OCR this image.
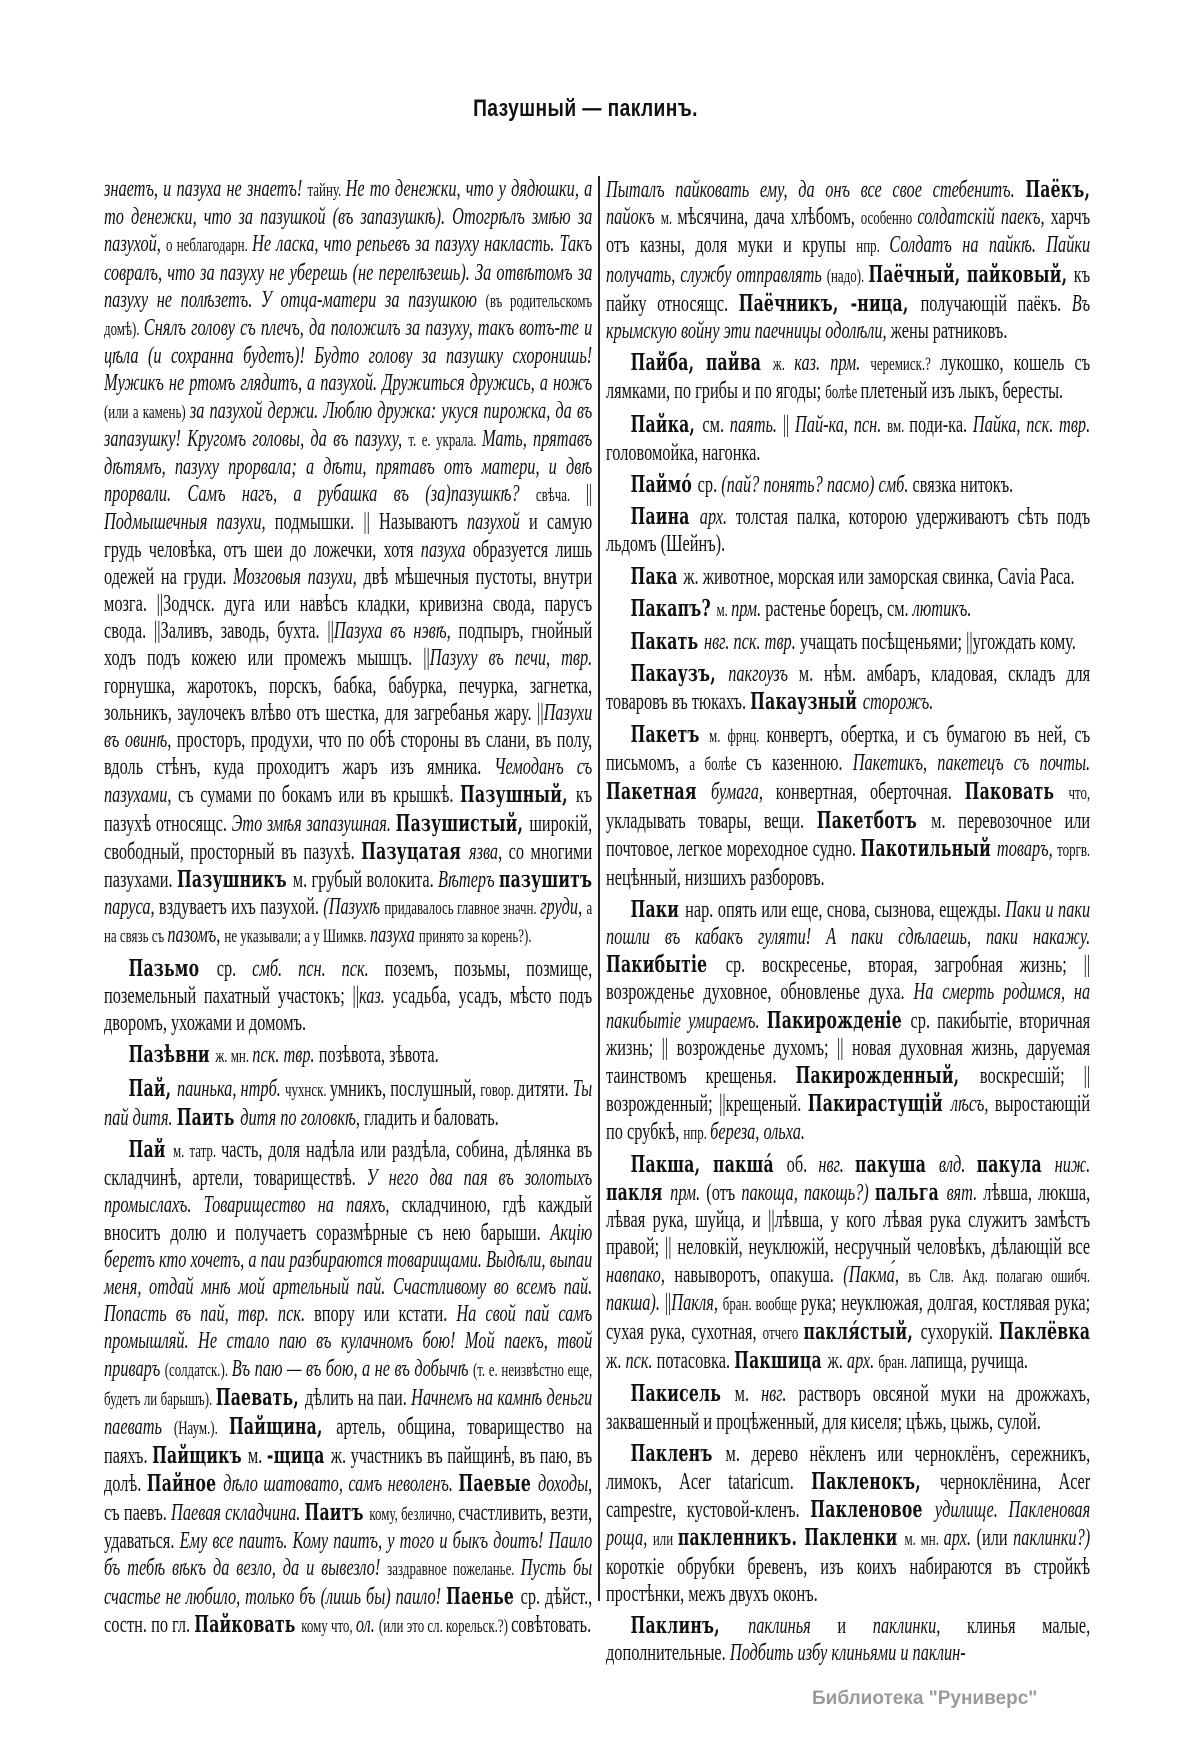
Пазушный — паклинъ.

знаетъ, и пазуха не знаетъ! тайну. Не то денежки, что у дядюшки, а то денежки, что за пазушкой (въ запазушкѣ). Отогрѣлъ змѣю за пазухой, о неблагодарн. Не ласка, что репьевъ за пазуху накласть. Такъ совралъ, что за пазуху не уберешь (не перелѣзешь). За отвѣтомъ за пазуху не полѣзетъ. У отца-матери за пазушкою (въ родительскомъ домѣ). Снялъ голову съ плечъ, да положилъ за пазуху, такъ вотъ-те и цѣла (и сохранна будетъ)! Будто голову за пазушку схоронишь! Мужикъ не ртомъ глядитъ, а пазухой. Дружиться дружись, а ножъ (или а камень) за пазухой держи. Люблю дружка: укуся пирожка, да въ запазушку! Кругомъ головы, да въ пазуху, т. е. украла. Мать, прятавъ дѣтямъ, пазуху прорвала; а дѣти, прятавъ отъ матери, и двѣ прорвали. Самъ нагъ, а рубашка въ (за)пазушкѣ? свѣча. ||Подмышечныя пазухи, подмышки. || Называютъ пазухой и самую грудь человѣка, отъ шеи до ложечки, хотя пазуха образуется лишь одежей на груди. Мозговыя пазухи, двѣ мѣшечныя пустоты, внутри мозга. ||Зодчск. дуга или навѣсъ кладки, кривизна свода, парусъ свода. ||Заливъ, заводь, бухта. ||Пазуха въ нэвѣ, подпыръ, гнойный ходъ подъ кожею или промежъ мышцъ. ||Пазуху въ печи, твр. горнушка, жаротокъ, порскъ, бабка, бабурка, печурка, загнетка, зольникъ, заулочекъ влѣво отъ шестка, для загребанья жару. ||Пазухи въ овинѣ, просторъ, продухи, что по обѣ стороны въ слани, въ полу, вдоль стѣнъ, куда проходитъ жаръ изъ ямника. Чемоданъ съ пазухами, съ сумами по бокамъ или въ крышкѣ. Пазушный, къ пазухѣ относящс. Это змѣя запазушная. Пазушистый, широкій, свободный, просторный въ пазухѣ. Пазуцатая язва, со многими пазухами. Пазушникъ м. грубый волокита. Вѣтеръ пазушитъ паруса, вздуваетъ ихъ пазухой. (Пазухѣ придавалось главное значн. груди, а на связь съ пазомъ, не указывали; а у Шимкв. пазуха принято за корень?).

Пазьмо ср. смб. псн. пск. поземъ, позьмы, позмище, поземельный пахатный участокъ; ||каз. усадьба, усадъ, мѣсто подъ дворомъ, ухожами и домомъ.

Пазѣвни ж. мн. пск. твр. позѣвота, зѣвота.

Пай, паинька, нтрб. чухнск. умникъ, послушный, говор. дитяти. Ты пай дитя. Паить дитя по головкѣ, гладить и баловать.

Пай м. татр. часть, доля надѣла или раздѣла, собина, дѣлянка въ складчинѣ, артели, товариществѣ. У него два пая въ золотыхъ промыслахъ. Товарищество на паяхъ, складчиною, гдѣ каждый вноситъ долю и получаетъ соразмѣрные съ нею барыши. Акцію беретъ кто хочетъ, а паи разбираются товарищами. Выдѣли, выпаи меня, отдай мнѣ мой артельный пай. Счастливому во всемъ пай. Попасть въ пай, твр. пск. впору или кстати. На свой пай самъ промышляй. Не стало паю въ кулачномъ бою! Мой паекъ, твой приваръ (солдатск.). Въ паю — въ бою, а не въ добычѣ (т. е. неизвѣстно еще, будетъ ли барышъ). Паевать, дѣлить на паи. Начнемъ на камнѣ деньги паевать (Наум.). Пайщина, артель, община, товарищество на паяхъ. Пайщикъ м. -щица ж. участникъ въ пайщинѣ, въ паю, въ долѣ. Пайное дѣло шатовато, самъ неволенъ. Паевые доходы, съ паевъ. Паевая складчина. Паитъ кому, безлично, счастливить, везти, удаваться. Ему все паитъ. Кому паитъ, у того и быкъ доитъ! Паило бъ тебѣ вѣкъ да везло, да и вывезло! заздравное пожеланье. Пусть бы счастье не любило, только бъ (лишь бы) паило! Паенье ср. дѣйст., состн. по гл. Пайковать кому что, ол. (или это сл. корельск.?) совѣтовать.

Пыталъ пайковать ему, да онъ все свое стебенитъ. Паёкъ, пайокъ м. мѣсячина, дача хлѣбомъ, особенно солдатскій паекъ, харчъ отъ казны, доля муки и крупы нпр. Солдатъ на пайкѣ. Пайки получать, службу отправлять (надо). Паёчный, пайковый, къ пайку относящс. Паёчникъ, -ница, получающій паёкъ. Въ крымскую войну эти паечницы одолѣли, жены ратниковъ.

Пайба, пайва ж. каз. прм. черемиск.? лукошко, кошель съ лямками, по грибы и по ягоды; болѣе плетеный изъ лыкъ, бересты.

Пайка, см. паять. || Пай-ка, псн. вм. поди-ка. Пайка, пск. твр. головомойка, нагонка.

Паймо́ ср. (пай? понять? пасмо) смб. связка нитокъ.

Паина арх. толстая палка, которою удерживаютъ сѣть подъ льдомъ (Шейнъ).

Пака ж. животное, морская или заморская свинка, Cavia Paca.

Пакапъ? м. прм. растенье борецъ, см. лютикъ.

Пакать нвг. пск. твр. учащать посѣщеньями; ||угождать кому.

Пакаузъ, пакгоузъ м. нѣм. амбаръ, кладовая, складъ для товаровъ въ тюкахъ. Пакаузный сторожъ.

Пакетъ м. фрнц. конвертъ, обертка, и съ бумагою въ ней, съ письмомъ, а болѣе съ казенною. Пакетикъ, пакетецъ съ почты. Пакетная бумага, конвертная, оберточная. Паковать что, укладывать товары, вещи. Пакетботъ м. перевозочное или почтовое, легкое мореходное судно. Пакотильный товаръ, торгв. нецѣнный, низшихъ разборовъ.

Паки нар. опять или еще, снова, сызнова, ещежды. Паки и паки пошли въ кабакъ гуляти! А паки сдѣлаешь, паки накажу. Пакибытіе ср. воскресенье, вторая, загробная жизнь; || возрожденье духовное, обновленье духа. На смерть родимся, на пакибытіе умираемъ. Пакирожденіе ср. пакибытіе, вторичная жизнь; || возрожденье духомъ; || новая духовная жизнь, даруемая таинствомъ крещенья. Пакирожденный, воскресшій; ||возрожденный; ||крещеный. Пакирастущій лѣсъ, выростающій по срубкѣ, нпр. береза, ольха.

Пакша, пакша́ об. нвг. пакуша влд. пакула ниж. пакля прм. (отъ пакоща, пакощь?) пальга вят. лѣвша, люкша, лѣвая рука, шуйца, и ||лѣвша, у кого лѣвая рука служитъ замѣстъ правой; || неловкій, неуклюжій, несручный человѣкъ, дѣлающій все навпако, навыворотъ, опакуша. (Пакма́, въ Слв. Акд. полагаю ошибч. пакша). ||Пакля, бран. вообще рука; неуклюжая, долгая, костлявая рука; сухая рука, сухотная, отчего пакля́стый, сухорукій. Паклёвка ж. пск. потасовка. Пакшица ж. арх. бран. лапища, ручища.

Пакисель м. нвг. растворъ овсяной муки на дрожжахъ, заквашенный и процѣженный, для киселя; цѣжь, цыжь, сулой.

Пакленъ м. дерево нёкленъ или черноклёнъ, сережникъ, лимокъ, Acer tataricum. Пакленокъ, черноклёнина, Acer campestre, кустовой-кленъ. Пакленовое удилище. Пакленовая роща, или пакленникъ. Пакленки м. мн. арх. (или паклинки?) короткіе обрубки бревенъ, изъ коихъ набираются въ стройкѣ простѣнки, межъ двухъ оконъ.

Паклинъ, паклинья и паклинки, клинья малые, дополнительные. Подбить избу клиньями и паклин-

Библиотека "Руниверс"
